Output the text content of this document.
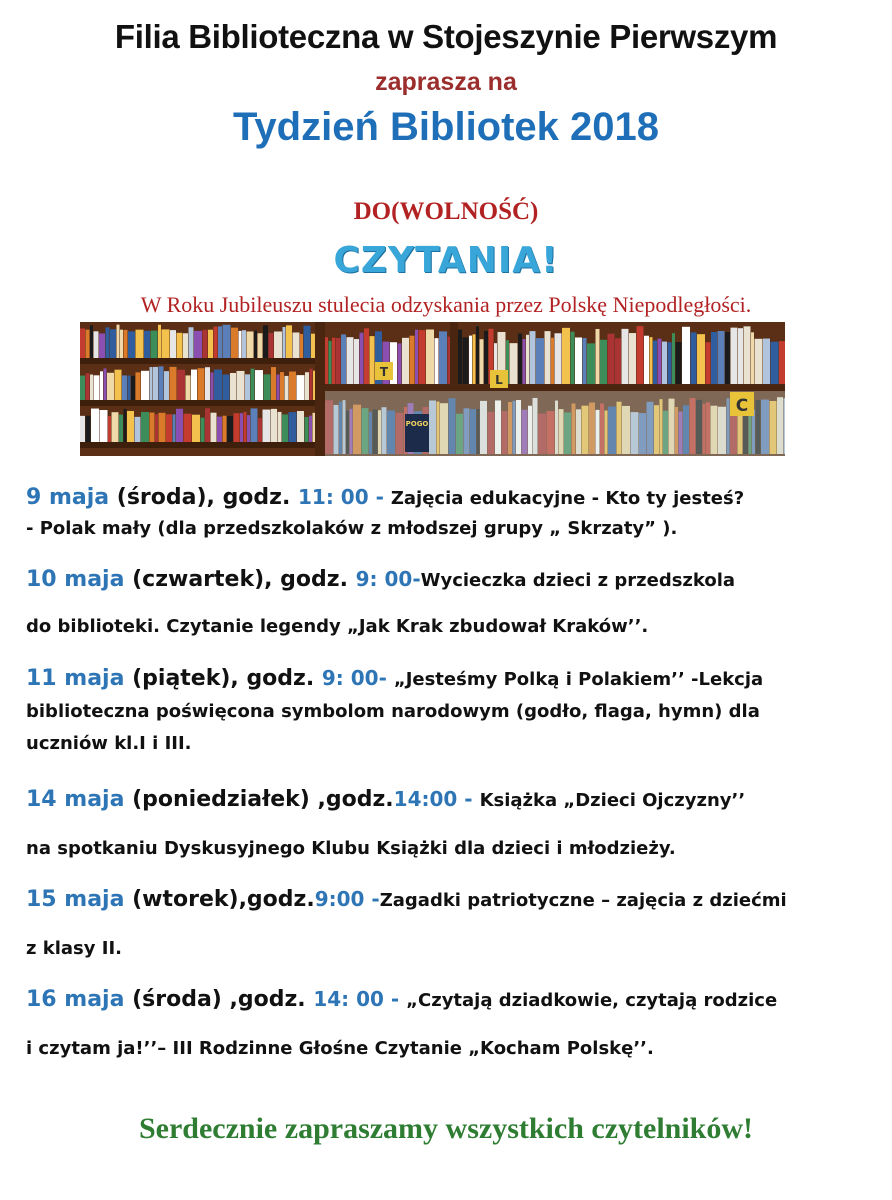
Filia Biblioteczna w Stojeszynie Pierwszym
zaprasza na
Tydzień Bibliotek 2018
DO(WOLNOŚĆ)
CZYTANIA!
W Roku Jubileuszu stulecia odzyskania przez Polskę Niepodległości.
T
L
C
POGO
9 maja (środa), godz. 11: 00 - Zajęcia edukacyjne - Kto ty jesteś?
- Polak mały (dla przedszkolaków z młodszej grupy „ Skrzaty” ).
10 maja (czwartek), godz. 9: 00-Wycieczka dzieci z przedszkola
do biblioteki. Czytanie legendy „Jak Krak zbudował Kraków’’.
11 maja (piątek), godz. 9: 00- „Jesteśmy Polką i Polakiem’’ -Lekcja
biblioteczna poświęcona symbolom narodowym (godło, flaga, hymn) dla
uczniów kl.I i III.
14 maja (poniedziałek) ,godz.14:00 - Książka „Dzieci Ojczyzny’’
na spotkaniu Dyskusyjnego Klubu Książki dla dzieci i młodzieży.
15 maja (wtorek),godz.9:00 -Zagadki patriotyczne – zajęcia z dziećmi
z klasy II.
16 maja (środa) ,godz. 14: 00 - „Czytają dziadkowie, czytają rodzice
i czytam ja!’’– III Rodzinne Głośne Czytanie „Kocham Polskę’’.
Serdecznie zapraszamy wszystkich czytelników!
